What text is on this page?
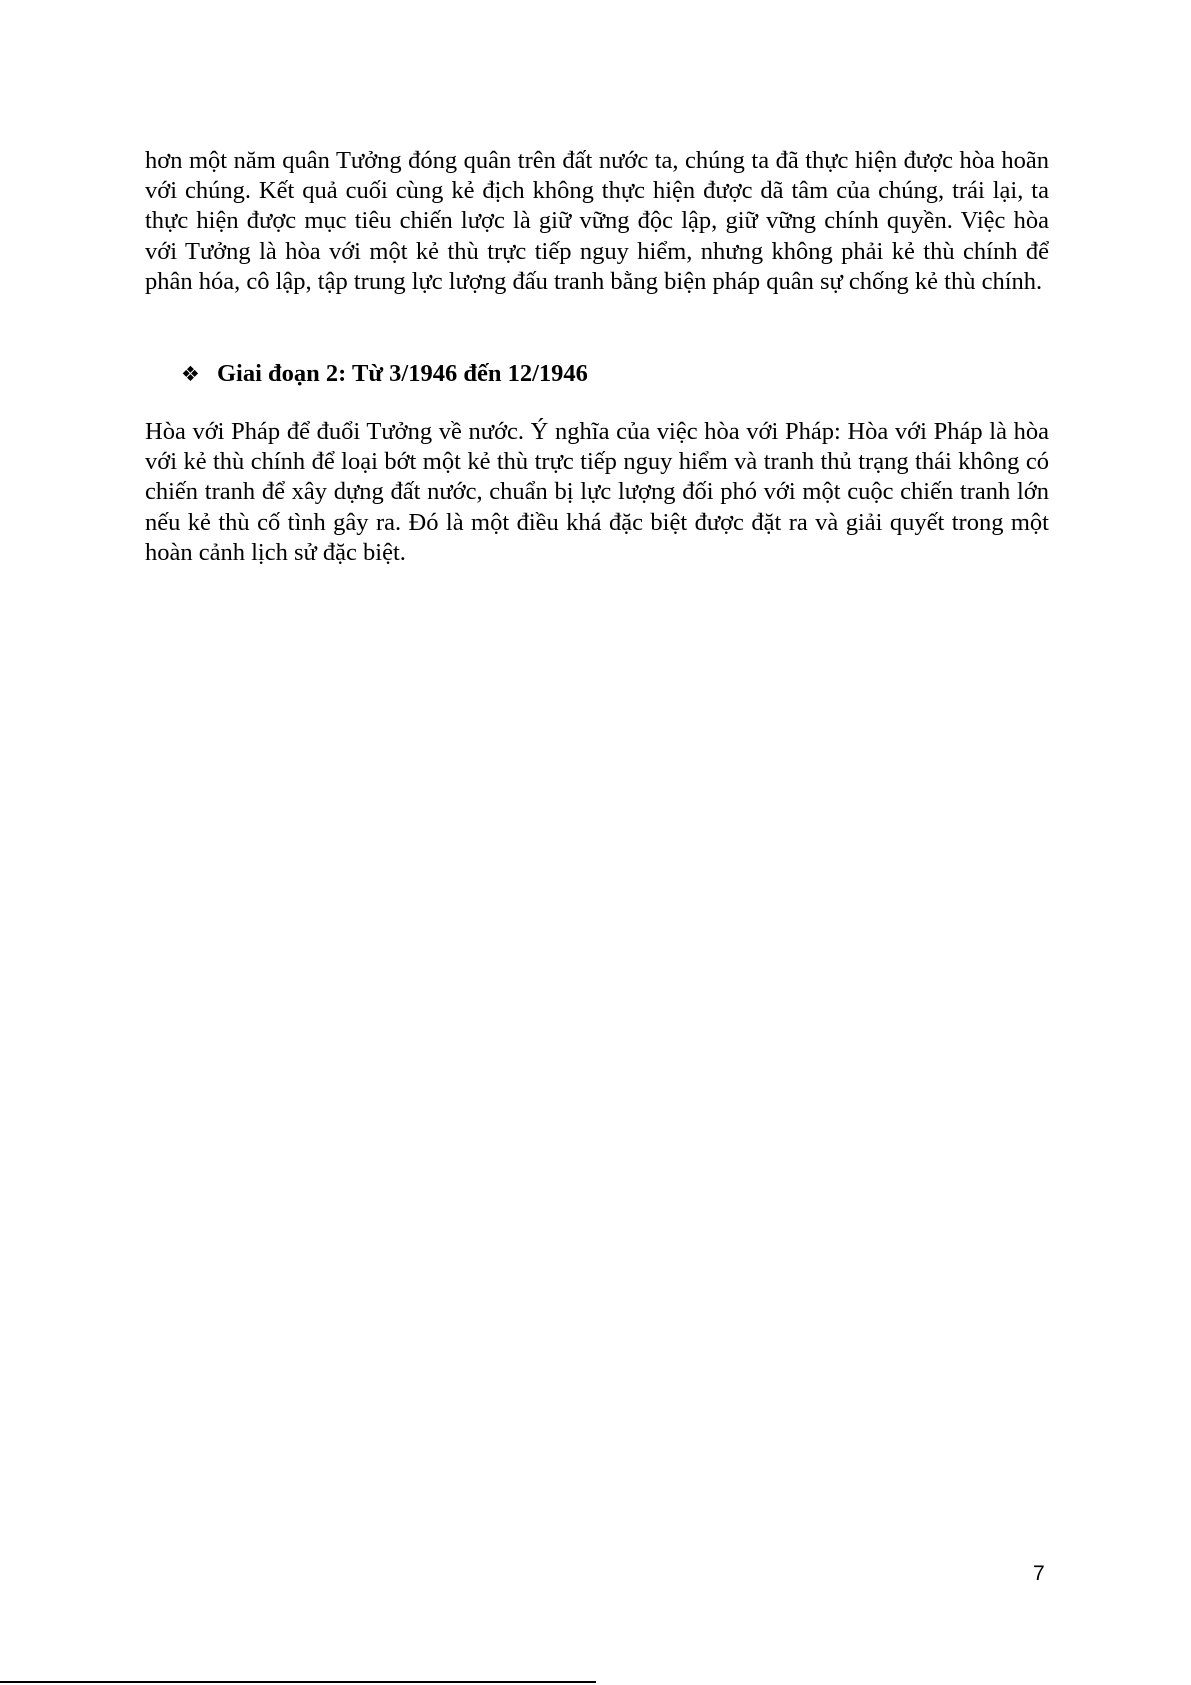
hơn một năm quân Tưởng đóng quân trên đất nước ta, chúng ta đã thực hiện được hòa hoãn với chúng. Kết quả cuối cùng kẻ địch không thực hiện được dã tâm của chúng, trái lại, ta thực hiện được mục tiêu chiến lược là giữ vững độc lập, giữ vững chính quyền. Việc hòa với Tưởng là hòa với một kẻ thù trực tiếp nguy hiểm, nhưng không phải kẻ thù chính để phân hóa, cô lập, tập trung lực lượng đấu tranh bằng biện pháp quân sự chống kẻ thù chính.

❖ Giai đoạn 2: Từ 3/1946 đến 12/1946

Hòa với Pháp để đuổi Tưởng về nước. Ý nghĩa của việc hòa với Pháp: Hòa với Pháp là hòa với kẻ thù chính để loại bớt một kẻ thù trực tiếp nguy hiểm và tranh thủ trạng thái không có chiến tranh để xây dựng đất nước, chuẩn bị lực lượng đối phó với một cuộc chiến tranh lớn nếu kẻ thù cố tình gây ra. Đó là một điều khá đặc biệt được đặt ra và giải quyết trong một hoàn cảnh lịch sử đặc biệt.

7
